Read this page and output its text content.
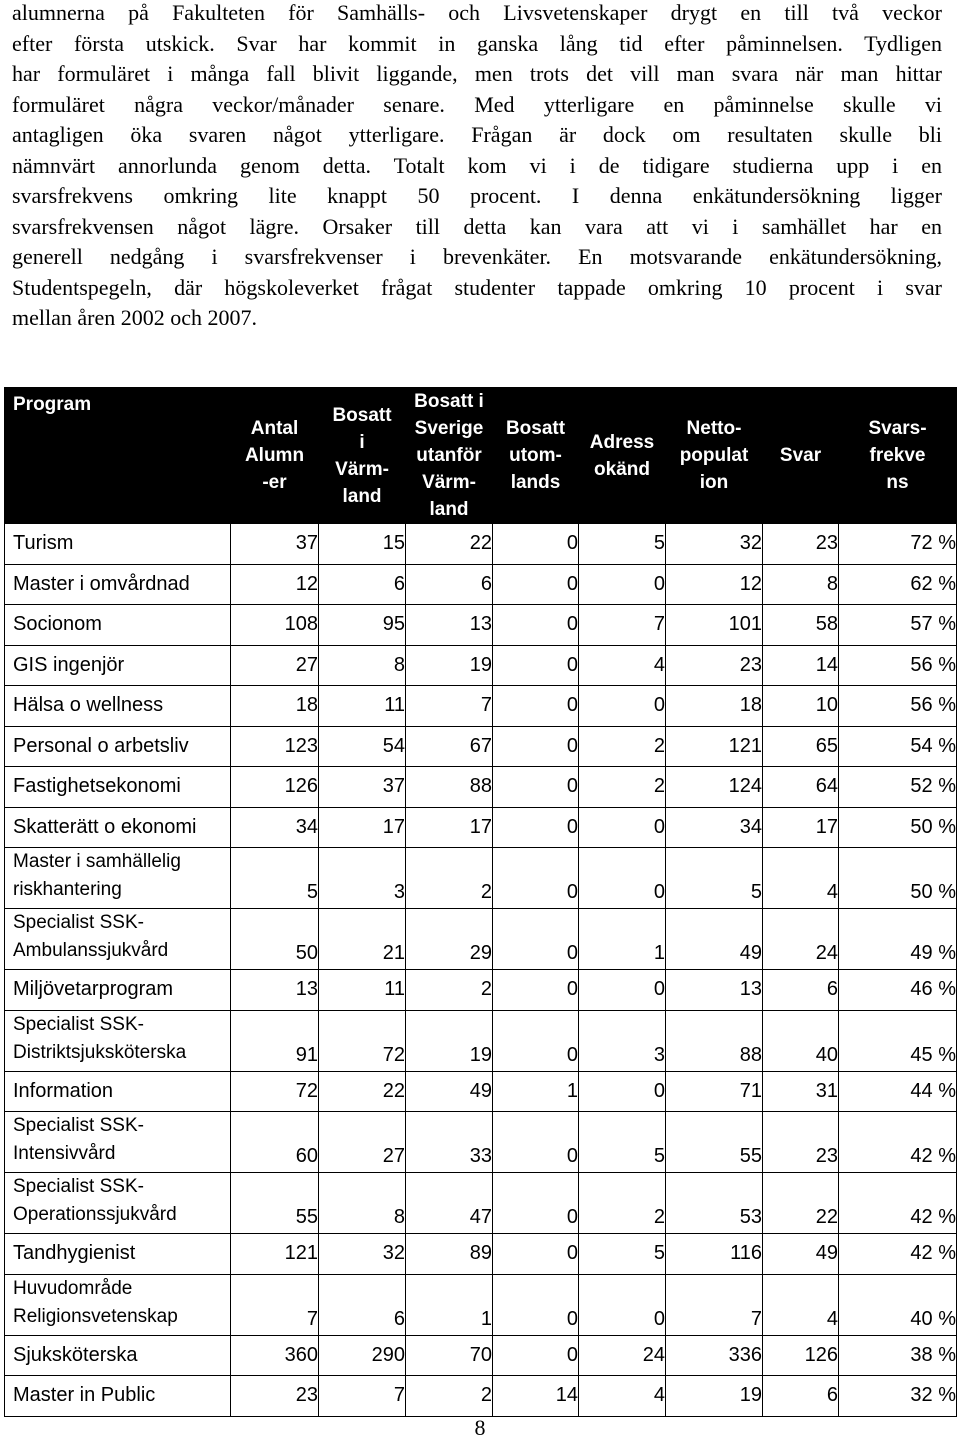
alumnerna på Fakulteten för Samhälls- och Livsvetenskaper drygt en till två veckor
efter första utskick. Svar har kommit in ganska lång tid efter påminnelsen. Tydligen
har formuläret i många fall blivit liggande, men trots det vill man svara när man hittar
formuläret några veckor/månader senare. Med ytterligare en påminnelse skulle vi
antagligen öka svaren något ytterligare. Frågan är dock om resultaten skulle bli
nämnvärt annorlunda genom detta. Totalt kom vi i de tidigare studierna upp i en
svarsfrekvens omkring lite knappt 50 procent. I denna enkätundersökning ligger
svarsfrekvensen något lägre. Orsaker till detta kan vara att vi i samhället har en
generell nedgång i svarsfrekvenser i brevenkäter. En motsvarande enkätundersökning,
Studentspegeln, där högskoleverket frågat studenter tappade omkring 10 procent i svar
mellan åren 2002 och 2007.
Program	Antal
Alumn
-er	Bosatt
i
Värm-
land	Bosatt i
Sverige
utanför
Värm-
land	Bosatt
utom-
lands	Adress
okänd	Netto-
populat
ion	Svar	Svars-
frekve
ns

Turism	37	15	22	0	5	32	23	72 %
Master i omvårdnad	12	6	6	0	0	12	8	62 %
Socionom	108	95	13	0	7	101	58	57 %
GIS ingenjör	27	8	19	0	4	23	14	56 %
Hälsa o wellness	18	11	7	0	0	18	10	56 %
Personal o arbetsliv	123	54	67	0	2	121	65	54 %
Fastighetsekonomi	126	37	88	0	2	124	64	52 %
Skatterätt o ekonomi	34	17	17	0	0	34	17	50 %

Master i samhällelig
riskhantering	5	3	2	0	0	5	4	50 %

Specialist SSK-
Ambulanssjukvård	50	21	29	0	1	49	24	49 %
Miljövetarprogram	13	11	2	0	0	13	6	46 %

Specialist SSK-
Distriktsjuksköterska	91	72	19	0	3	88	40	45 %
Information	72	22	49	1	0	71	31	44 %

Specialist SSK-
Intensivvård	60	27	33	0	5	55	23	42 %

Specialist SSK-
Operationssjukvård	55	8	47	0	2	53	22	42 %
Tandhygienist	121	32	89	0	5	116	49	42 %

Huvudområde
Religionsvetenskap	7	6	1	0	0	7	4	40 %
Sjuksköterska	360	290	70	0	24	336	126	38 %
Master in Public	23	7	2	14	4	19	6	32 %
8
